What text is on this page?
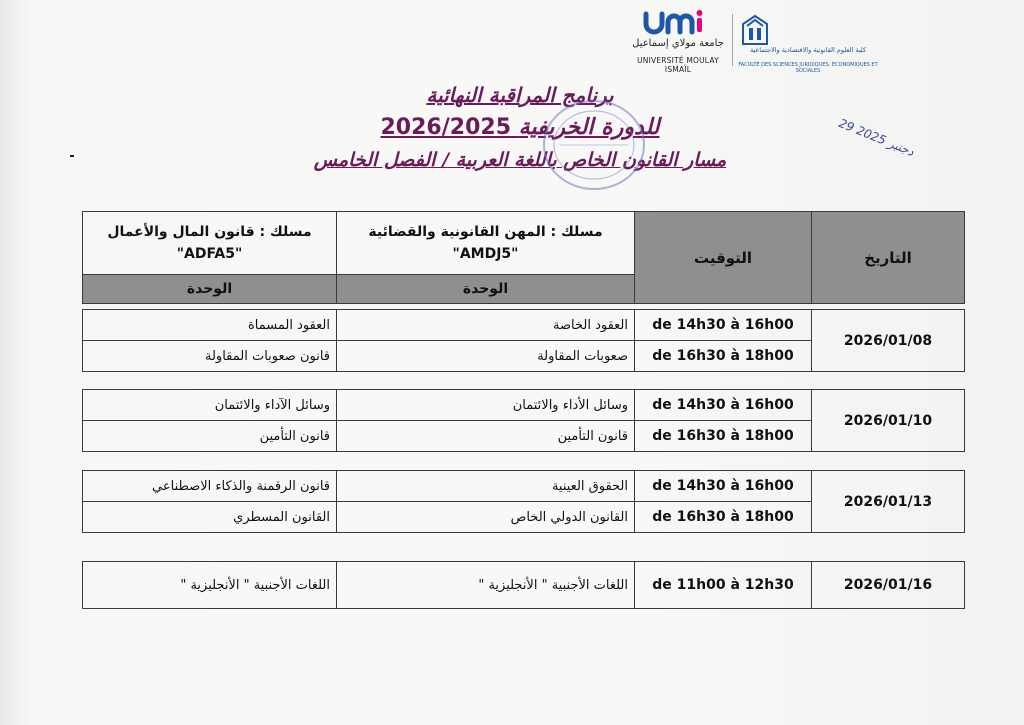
جامعة مولاي إسماعيل
UNIVERSITÉ MOULAY ISMAÏL
كلية العلوم القانونية والاقتصادية والاجتماعية
FACULTÉ DES SCIENCES JURIDIQUES, ÉCONOMIQUES ET SOCIALES
برنامج المراقبة النهائية
للدورة الخريفية 2026/2025
مسار القانون الخاص باللغة العربية / الفصل الخامس
29 دجنبر 2025
مسلك : قانون المال والأعمال "ADFA5"	مسلك : المهن القانونية والقضائية "AMDJ5"	التوقيت	التاريخ
الوحدة	الوحدة		
العقود المسماة	العقود الخاصة	de 14h30 à 16h00	2026/01/08
قانون صعوبات المقاولة	صعوبات المقاولة	de 16h30 à 18h00	
وسائل الآداء والائتمان	وسائل الأداء والائتمان	de 14h30 à 16h00	2026/01/10
قانون التأمين	قانون التأمين	de 16h30 à 18h00	
قانون الرقمنة والذكاء الاصطناعي	الحقوق العينية	de 14h30 à 16h00	2026/01/13
القانون المسطري	القانون الدولي الخاص	de 16h30 à 18h00	
اللغات الأجنبية " الأنجليزية "	اللغات الأجنبية " الأنجليزية "	de 11h00 à 12h30	2026/01/16
